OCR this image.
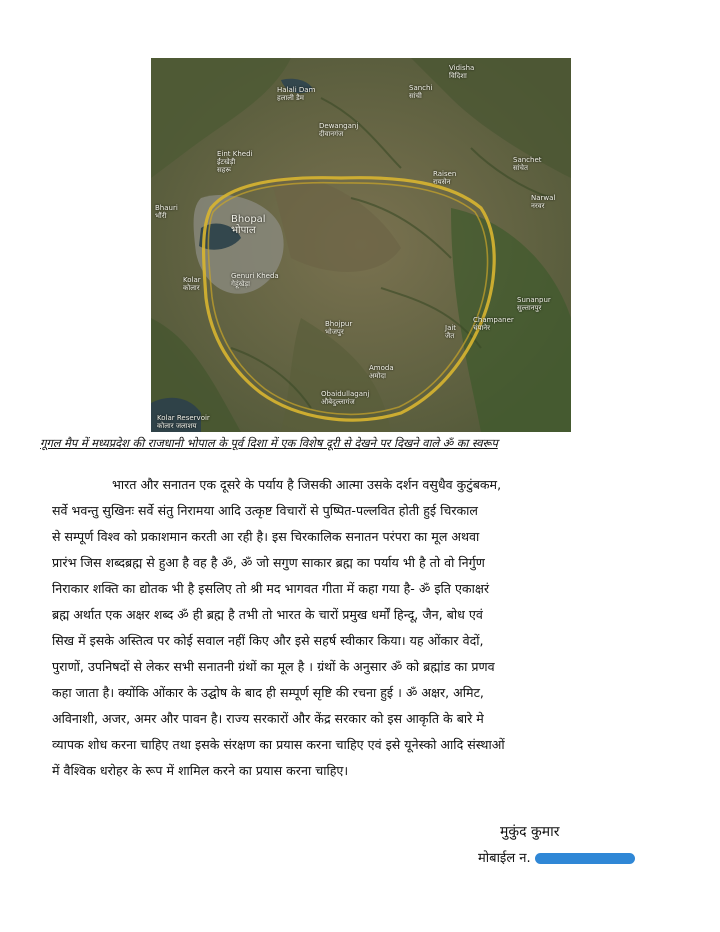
Vidisha
विदिशा
Halali Dam
हलाली डैम
Sanchi
सांची
Dewanganj
दीवानगंज
Eint Khedi
ईंटखेड़ी
सहरू	Raisen
रायसेन
Sanchet
सांचेत
Narwal
नरवर
Bhauri
भौंरी	Bhopal
भोपाल
Kolar
कोलार
Genuri Kheda
गेहूंखेड़ा
Sunanpur
सुल्तानपुर
Champaner
चंपानेर
Jait
जैत
Bhojpur
भोजपुर
Amoda
अमोदा
Obaidullaganj
औबेदुल्लागंज
Kolar Reservoir
कोलार जलाशय
गूगल मैप में मध्यप्रदेश की राजधानी भोपाल के पूर्व दिशा में एक विशेष दूरी से देखने पर दिखने वाले ॐ का स्वरूप
भारत और सनातन एक दूसरे के पर्याय है जिसकी आत्मा उसके दर्शन वसुधैव कुटुंबकम,
सर्वे भवन्तु सुखिनः सर्वे संतु निरामया आदि उत्कृष्ट विचारों से पुष्पित-पल्लवित होती हुई चिरकाल
से सम्पूर्ण विश्व को प्रकाशमान करती आ रही है। इस चिरकालिक सनातन परंपरा का मूल अथवा
प्रारंभ जिस शब्दब्रह्म से हुआ है वह है ॐ, ॐ जो सगुण साकार ब्रह्म का पर्याय भी है तो वो निर्गुण
निराकार शक्ति का द्योतक भी है इसलिए तो श्री मद भागवत गीता में कहा गया है- ॐ इति एकाक्षरं
ब्रह्म अर्थात एक अक्षर शब्द ॐ ही ब्रह्म है तभी तो भारत के चारों प्रमुख धर्मों हिन्दू, जैन, बोध एवं
सिख में इसके अस्तित्व पर कोई सवाल नहीं किए और इसे सहर्ष स्वीकार किया। यह ओंकार वेदों,
पुराणों, उपनिषदों से लेकर सभी सनातनी ग्रंथों का मूल है । ग्रंथों के अनुसार ॐ को ब्रह्मांड का प्रणव
कहा जाता है। क्योंकि ओंकार के उद्घोष के बाद ही सम्पूर्ण सृष्टि की रचना हुई । ॐ अक्षर, अमिट,
अविनाशी, अजर, अमर और पावन है। राज्य सरकारों और केंद्र सरकार को इस आकृति के बारे मे
व्यापक शोध करना चाहिए तथा इसके संरक्षण का प्रयास करना चाहिए एवं इसे यूनेस्को आदि संस्थाओं
में वैश्विक धरोहर के रूप में शामिल करने का प्रयास करना चाहिए।
मुकुंद कुमार
मोबाईल न.
